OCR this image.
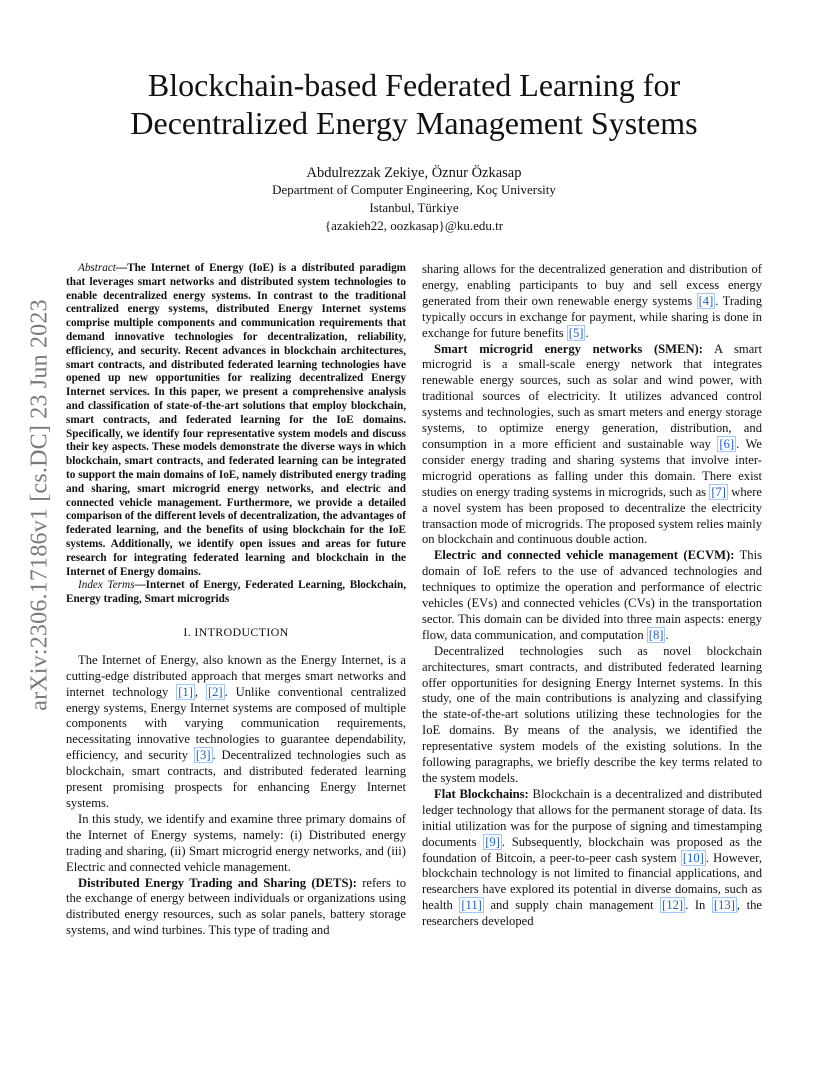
arXiv:2306.17186v1 [cs.DC] 23 Jun 2023
Blockchain-based Federated Learning for
Decentralized Energy Management Systems
Abdulrezzak Zekiye, Öznur Özkasap
Department of Computer Engineering, Koç University
Istanbul, Türkiye
{azakieh22, oozkasap}@ku.edu.tr

Abstract—The Internet of Energy (IoE) is a distributed paradigm that leverages smart networks and distributed system technologies to enable decentralized energy systems. In contrast to the traditional centralized energy systems, distributed Energy Internet systems comprise multiple components and communication requirements that demand innovative technologies for decentralization, reliability, efficiency, and security. Recent advances in blockchain architectures, smart contracts, and distributed federated learning technologies have opened up new opportunities for realizing decentralized Energy Internet services. In this paper, we present a comprehensive analysis and classification of state-of-the-art solutions that employ blockchain, smart contracts, and federated learning for the IoE domains. Specifically, we identify four representative system models and discuss their key aspects. These models demonstrate the diverse ways in which blockchain, smart contracts, and federated learning can be integrated to support the main domains of IoE, namely distributed energy trading and sharing, smart microgrid energy networks, and electric and connected vehicle management. Furthermore, we provide a detailed comparison of the different levels of decentralization, the advantages of federated learning, and the benefits of using blockchain for the IoE systems. Additionally, we identify open issues and areas for future research for integrating federated learning and blockchain in the Internet of Energy domains.

Index Terms—Internet of Energy, Federated Learning, Blockchain, Energy trading, Smart microgrids

I. INTRODUCTION

The Internet of Energy, also known as the Energy Internet, is a cutting-edge distributed approach that merges smart networks and internet technology [1] , [2] . Unlike conventional centralized energy systems, Energy Internet systems are composed of multiple components with varying communication requirements, necessitating innovative technologies to guarantee dependability, efficiency, and security [3] . Decentralized technologies such as blockchain, smart contracts, and distributed federated learning present promising prospects for enhancing Energy Internet systems.

In this study, we identify and examine three primary domains of the Internet of Energy systems, namely: (i) Distributed energy trading and sharing, (ii) Smart microgrid energy networks, and (iii) Electric and connected vehicle management.

Distributed Energy Trading and Sharing (DETS): refers to the exchange of energy between individuals or organizations using distributed energy resources, such as solar panels, battery storage systems, and wind turbines. This type of trading and

sharing allows for the decentralized generation and distribution of energy, enabling participants to buy and sell excess energy generated from their own renewable energy systems [4] . Trading typically occurs in exchange for payment, while sharing is done in exchange for future benefits [5] .

Smart microgrid energy networks (SMEN): A smart microgrid is a small-scale energy network that integrates renewable energy sources, such as solar and wind power, with traditional sources of electricity. It utilizes advanced control systems and technologies, such as smart meters and energy storage systems, to optimize energy generation, distribution, and consumption in a more efficient and sustainable way [6] . We consider energy trading and sharing systems that involve inter-microgrid operations as falling under this domain. There exist studies on energy trading systems in microgrids, such as [7] where a novel system has been proposed to decentralize the electricity transaction mode of microgrids. The proposed system relies mainly on blockchain and continuous double action.

Electric and connected vehicle management (ECVM): This domain of IoE refers to the use of advanced technologies and techniques to optimize the operation and performance of electric vehicles (EVs) and connected vehicles (CVs) in the transportation sector. This domain can be divided into three main aspects: energy flow, data communication, and computation [8] .

Decentralized technologies such as novel blockchain architectures, smart contracts, and distributed federated learning offer opportunities for designing Energy Internet systems. In this study, one of the main contributions is analyzing and classifying the state-of-the-art solutions utilizing these technologies for the IoE domains. By means of the analysis, we identified the representative system models of the existing solutions. In the following paragraphs, we briefly describe the key terms related to the system models.

Flat Blockchains: Blockchain is a decentralized and distributed ledger technology that allows for the permanent storage of data. Its initial utilization was for the purpose of signing and timestamping documents [9] . Subsequently, blockchain was proposed as the foundation of Bitcoin, a peer-to-peer cash system [10] . However, blockchain technology is not limited to financial applications, and researchers have explored its potential in diverse domains, such as health [11] and supply chain management [12] . In [13] , the researchers developed
